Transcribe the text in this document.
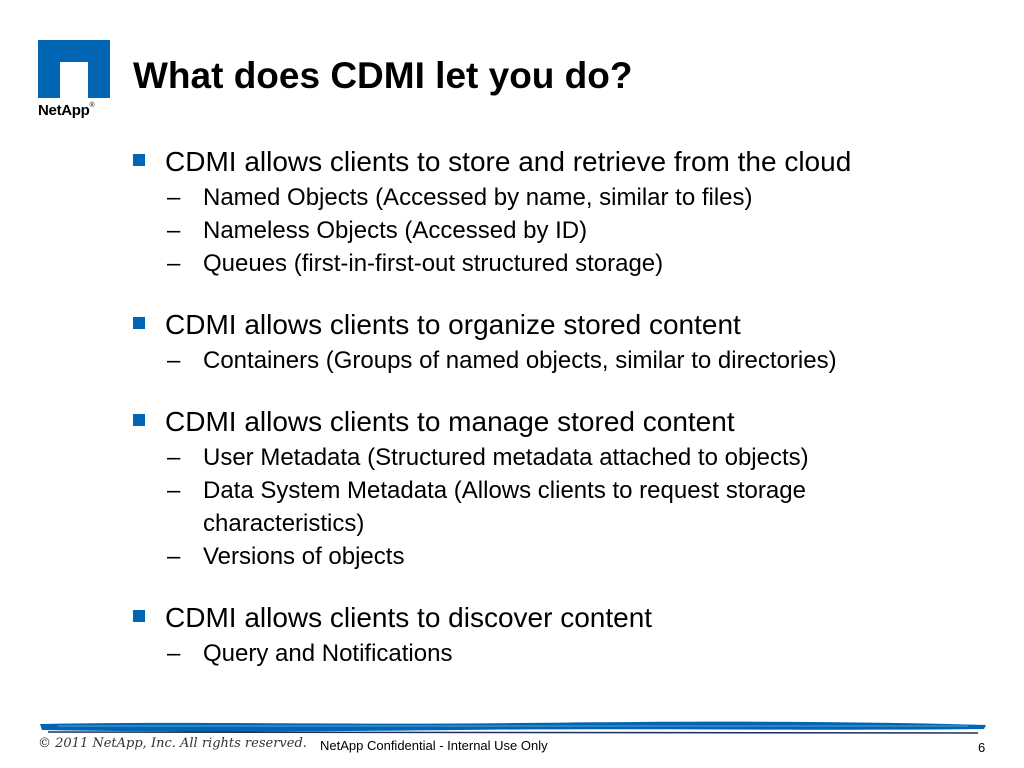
NetApp®
What does CDMI let you do?
CDMI allows clients to store and retrieve from the cloud
– Named Objects (Accessed by name, similar to files)
– Nameless Objects (Accessed by ID)
– Queues (first-in-first-out structured storage)
CDMI allows clients to organize stored content
– Containers (Groups of named objects, similar to directories)
CDMI allows clients to manage stored content
– User Metadata (Structured metadata attached to objects)
– Data System Metadata (Allows clients to request storage characteristics)
– Versions of objects
CDMI allows clients to discover content
– Query and Notifications
© 2011 NetApp, Inc. All rights reserved. NetApp Confidential - Internal Use Only	6
